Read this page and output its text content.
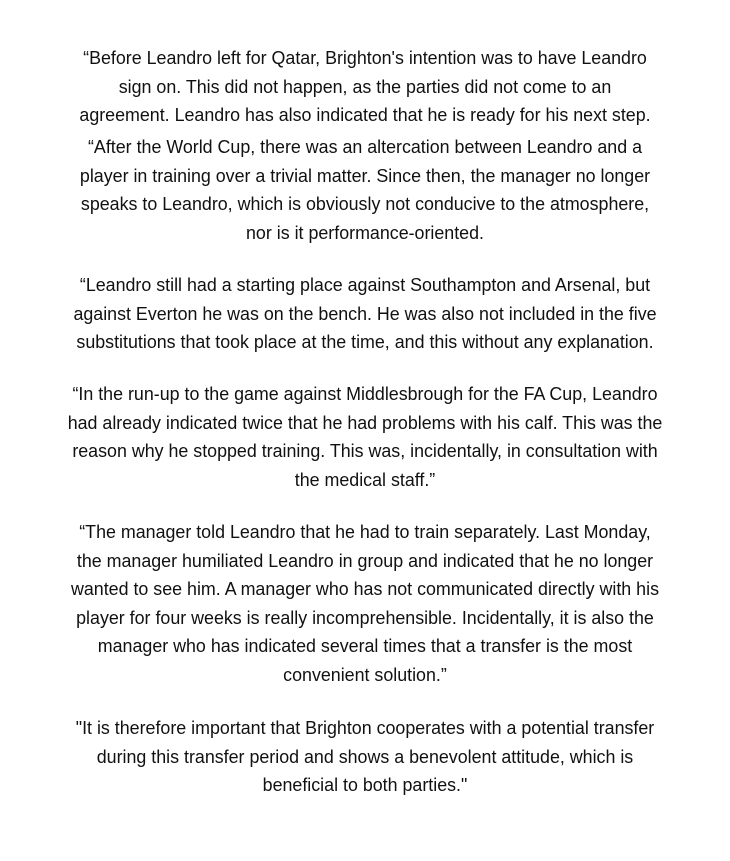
“Before Leandro left for Qatar, Brighton's intention was to have Leandro
sign on. This did not happen, as the parties did not come to an
agreement. Leandro has also indicated that he is ready for his next step.
“After the World Cup, there was an altercation between Leandro and a
player in training over a trivial matter. Since then, the manager no longer
speaks to Leandro, which is obviously not conducive to the atmosphere,
nor is it performance-oriented.
“Leandro still had a starting place against Southampton and Arsenal, but
against Everton he was on the bench. He was also not included in the five
substitutions that took place at the time, and this without any explanation.
“In the run-up to the game against Middlesbrough for the FA Cup, Leandro
had already indicated twice that he had problems with his calf. This was the
reason why he stopped training. This was, incidentally, in consultation with
the medical staff.”
“The manager told Leandro that he had to train separately. Last Monday,
the manager humiliated Leandro in group and indicated that he no longer
wanted to see him. A manager who has not communicated directly with his
player for four weeks is really incomprehensible. Incidentally, it is also the
manager who has indicated several times that a transfer is the most
convenient solution.”
"It is therefore important that Brighton cooperates with a potential transfer
during this transfer period and shows a benevolent attitude, which is
beneficial to both parties."
